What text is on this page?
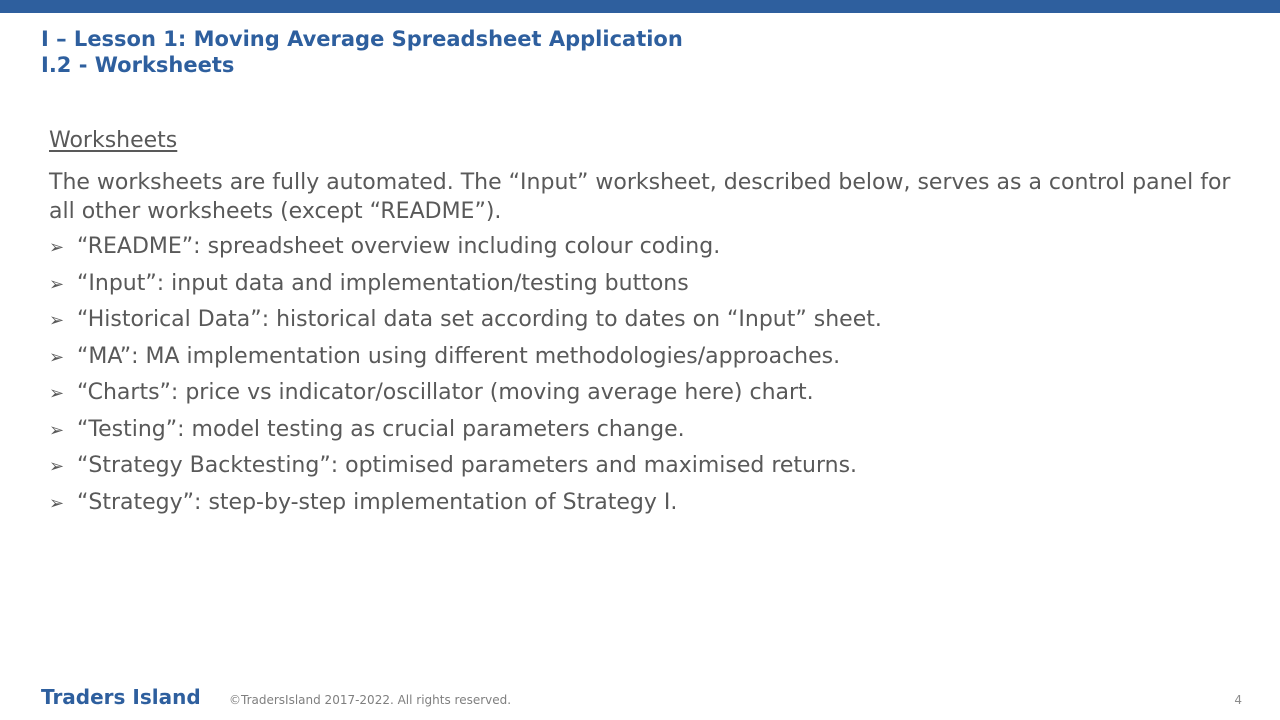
I – Lesson 1: Moving Average Spreadsheet Application
I.2 - Worksheets
Worksheets
The worksheets are fully automated. The “Input” worksheet, described below, serves as a control panel for all other worksheets (except “README”).
➢ “README”: spreadsheet overview including colour coding.
➢ “Input”: input data and implementation/testing buttons
➢ “Historical Data”: historical data set according to dates on “Input” sheet.
➢ “MA”: MA implementation using different methodologies/approaches.
➢ “Charts”: price vs indicator/oscillator (moving average here) chart.
➢ “Testing”: model testing as crucial parameters change.
➢ “Strategy Backtesting”: optimised parameters and maximised returns.
➢ “Strategy”: step-by-step implementation of Strategy I.
Traders Island ©TradersIsland 2017-2022. All rights reserved.	4
